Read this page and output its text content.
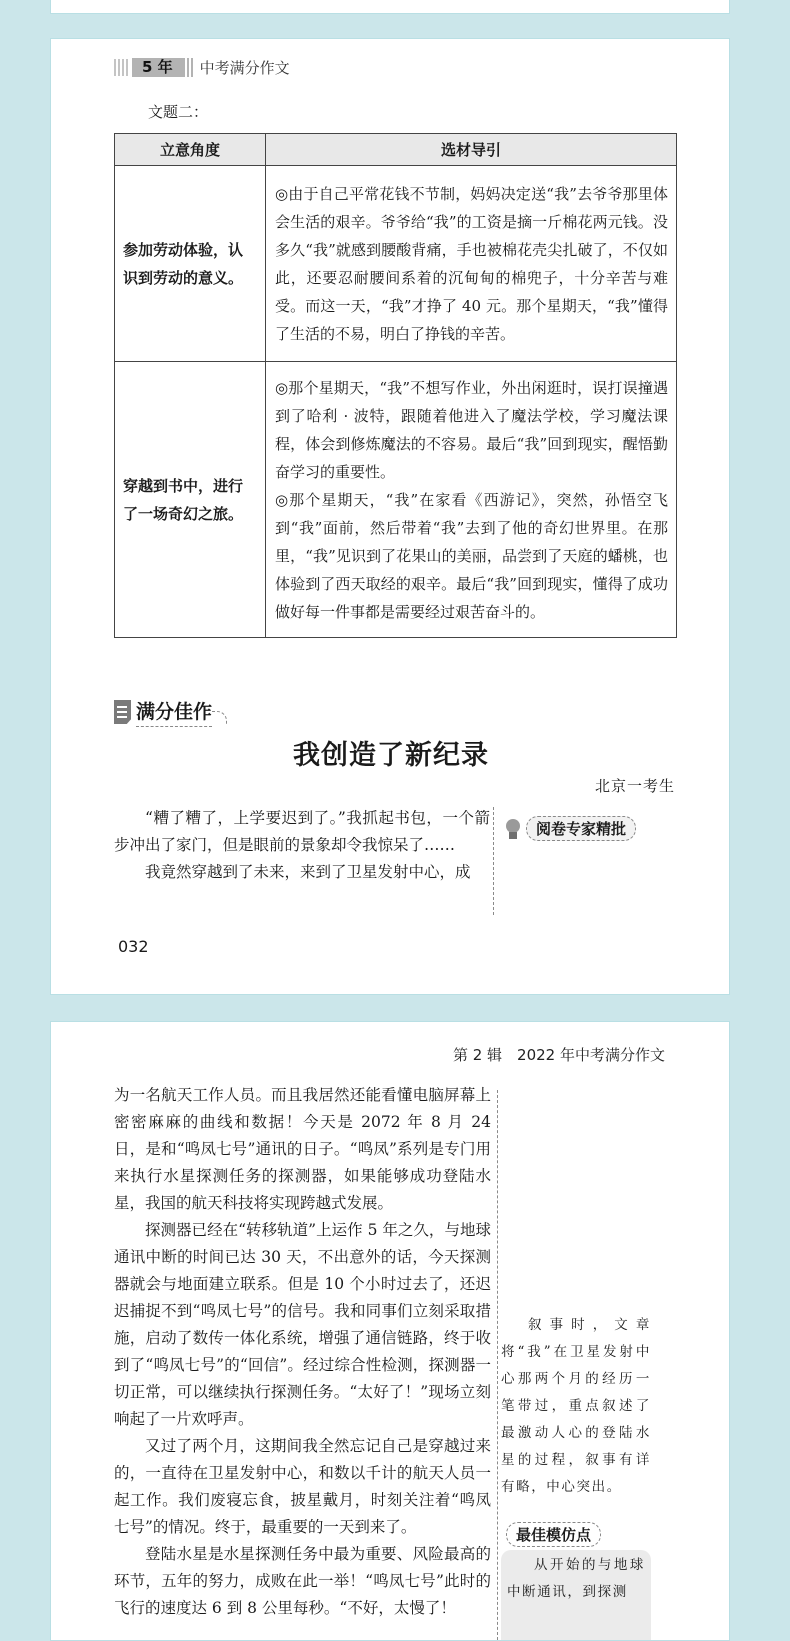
5 年	中考满分作文
文题二：
立意角度	选材导引
参加劳动体验，认识到劳动的意义。	◎由于自己平常花钱不节制，妈妈决定送“我”去爷爷那里体会生活的艰辛。爷爷给“我”的工资是摘一斤棉花两元钱。没多久“我”就感到腰酸背痛，手也被棉花壳尖扎破了，不仅如此，还要忍耐腰间系着的沉甸甸的棉兜子，十分辛苦与难受。而这一天，“我”才挣了 40 元。那个星期天，“我”懂得了生活的不易，明白了挣钱的辛苦。

穿越到书中，进行了一场奇幻之旅。	◎那个星期天，“我”不想写作业，外出闲逛时，误打误撞遇到了哈利 · 波特，跟随着他进入了魔法学校，学习魔法课程，体会到修炼魔法的不容易。最后“我”回到现实，醒悟勤奋学习的重要性。

◎那个星期天，“我”在家看《西游记》，突然，孙悟空飞到“我”面前，然后带着“我”去到了他的奇幻世界里。在那里，“我”见识到了花果山的美丽，品尝到了天庭的蟠桃，也体验到了西天取经的艰辛。最后“我”回到现实，懂得了成功做好每一件事都是需要经过艰苦奋斗的。

满分佳作
我创造了新纪录
北京一考生

“糟了糟了，上学要迟到了。”我抓起书包，一个箭步冲出了家门，但是眼前的景象却令我惊呆了……

我竟然穿越到了未来，来到了卫星发射中心，成

阅卷专家精批
032
第 2 辑　2022 年中考满分作文

为一名航天工作人员。而且我居然还能看懂电脑屏幕上密密麻麻的曲线和数据！今天是 2072 年 8 月 24 日，是和“鸣凤七号”通讯的日子。“鸣凤”系列是专门用来执行水星探测任务的探测器，如果能够成功登陆水星，我国的航天科技将实现跨越式发展。

探测器已经在“转移轨道”上运作 5 年之久，与地球通讯中断的时间已达 30 天，不出意外的话，今天探测器就会与地面建立联系。但是 10 个小时过去了，还迟迟捕捉不到“鸣凤七号”的信号。我和同事们立刻采取措施，启动了数传一体化系统，增强了通信链路，终于收到了“鸣凤七号”的“回信”。经过综合性检测，探测器一切正常，可以继续执行探测任务。“太好了！”现场立刻响起了一片欢呼声。

又过了两个月，这期间我全然忘记自己是穿越过来的，一直待在卫星发射中心，和数以千计的航天人员一起工作。我们废寝忘食，披星戴月，时刻关注着“鸣凤七号”的情况。终于，最重要的一天到来了。

登陆水星是水星探测任务中最为重要、风险最高的环节，五年的努力，成败在此一举！“鸣凤七号”此时的飞行的速度达 6 到 8 公里每秒。“不好，太慢了！

叙事时，文章将“我”在卫星发射中心那两个月的经历一笔带过，重点叙述了最激动人心的登陆水星的过程，叙事有详有略，中心突出。

最佳模仿点

从开始的与地球中断通讯，到探测
